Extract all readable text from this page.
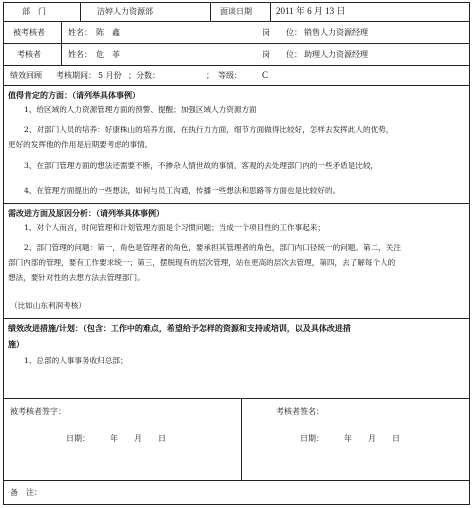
部　门	洁婷人力资源部	面谈日期	2011 年 6 月 13 日
被考核者	姓名： 陈　鑫	岗　　位： 销售人力资源经理
考核者	姓名： 危　菲	岗　　位： 助理人力资源经理
绩效回顾 考核期间： 5 月份 ；分数：	；　等级： C
值得肯定的方面：（请列举具体事例）
1、给区域的人力资源管理方面的预警、提醒；加强区域人力资源方面
2、对部门人员的培养：好康株山的培养方面，在执行力方面，细节方面做得比较好，怎样去发挥此人的优势，
更好的发挥他的作用是后期要考虑的事情。
3、在部门管理方面的想法还需要不断，不掺杂人情世故的事情，客观的去处理部门内的一些矛盾是比较，
4、在管理方面提出的一些想法，如何与员工沟通，传播一些想法和思路等方面也是比较好的。
需改进方面及原因分析：（请列举具体事例）
1、对个人而言，时间管理和计划管理方面是个习惯问题；当成一个项目性的工作事起来；
2、部门管理的问题：第一，角色是管理者的角色，要承担其管理者的角色，部门内口径统一的问题。第二，关注
部门内部的管理，要有工作要求统一；第三，摆脱现有的层次管理，站在更高的层次去管理，第四，去了解每个人的
想法，要针对性的去想方法去管理部门。
（比如山东利润考核）
绩效改进措施/计划：（包含：工作中的难点，希望给予怎样的资源和支持或培训，以及具体改进措
施）
1、总部的人事事务收归总部；
被考核者签字：
日期：　　　年　　月　　日
考核者签名：
日期：　　　年　　月　　日
备　注：
